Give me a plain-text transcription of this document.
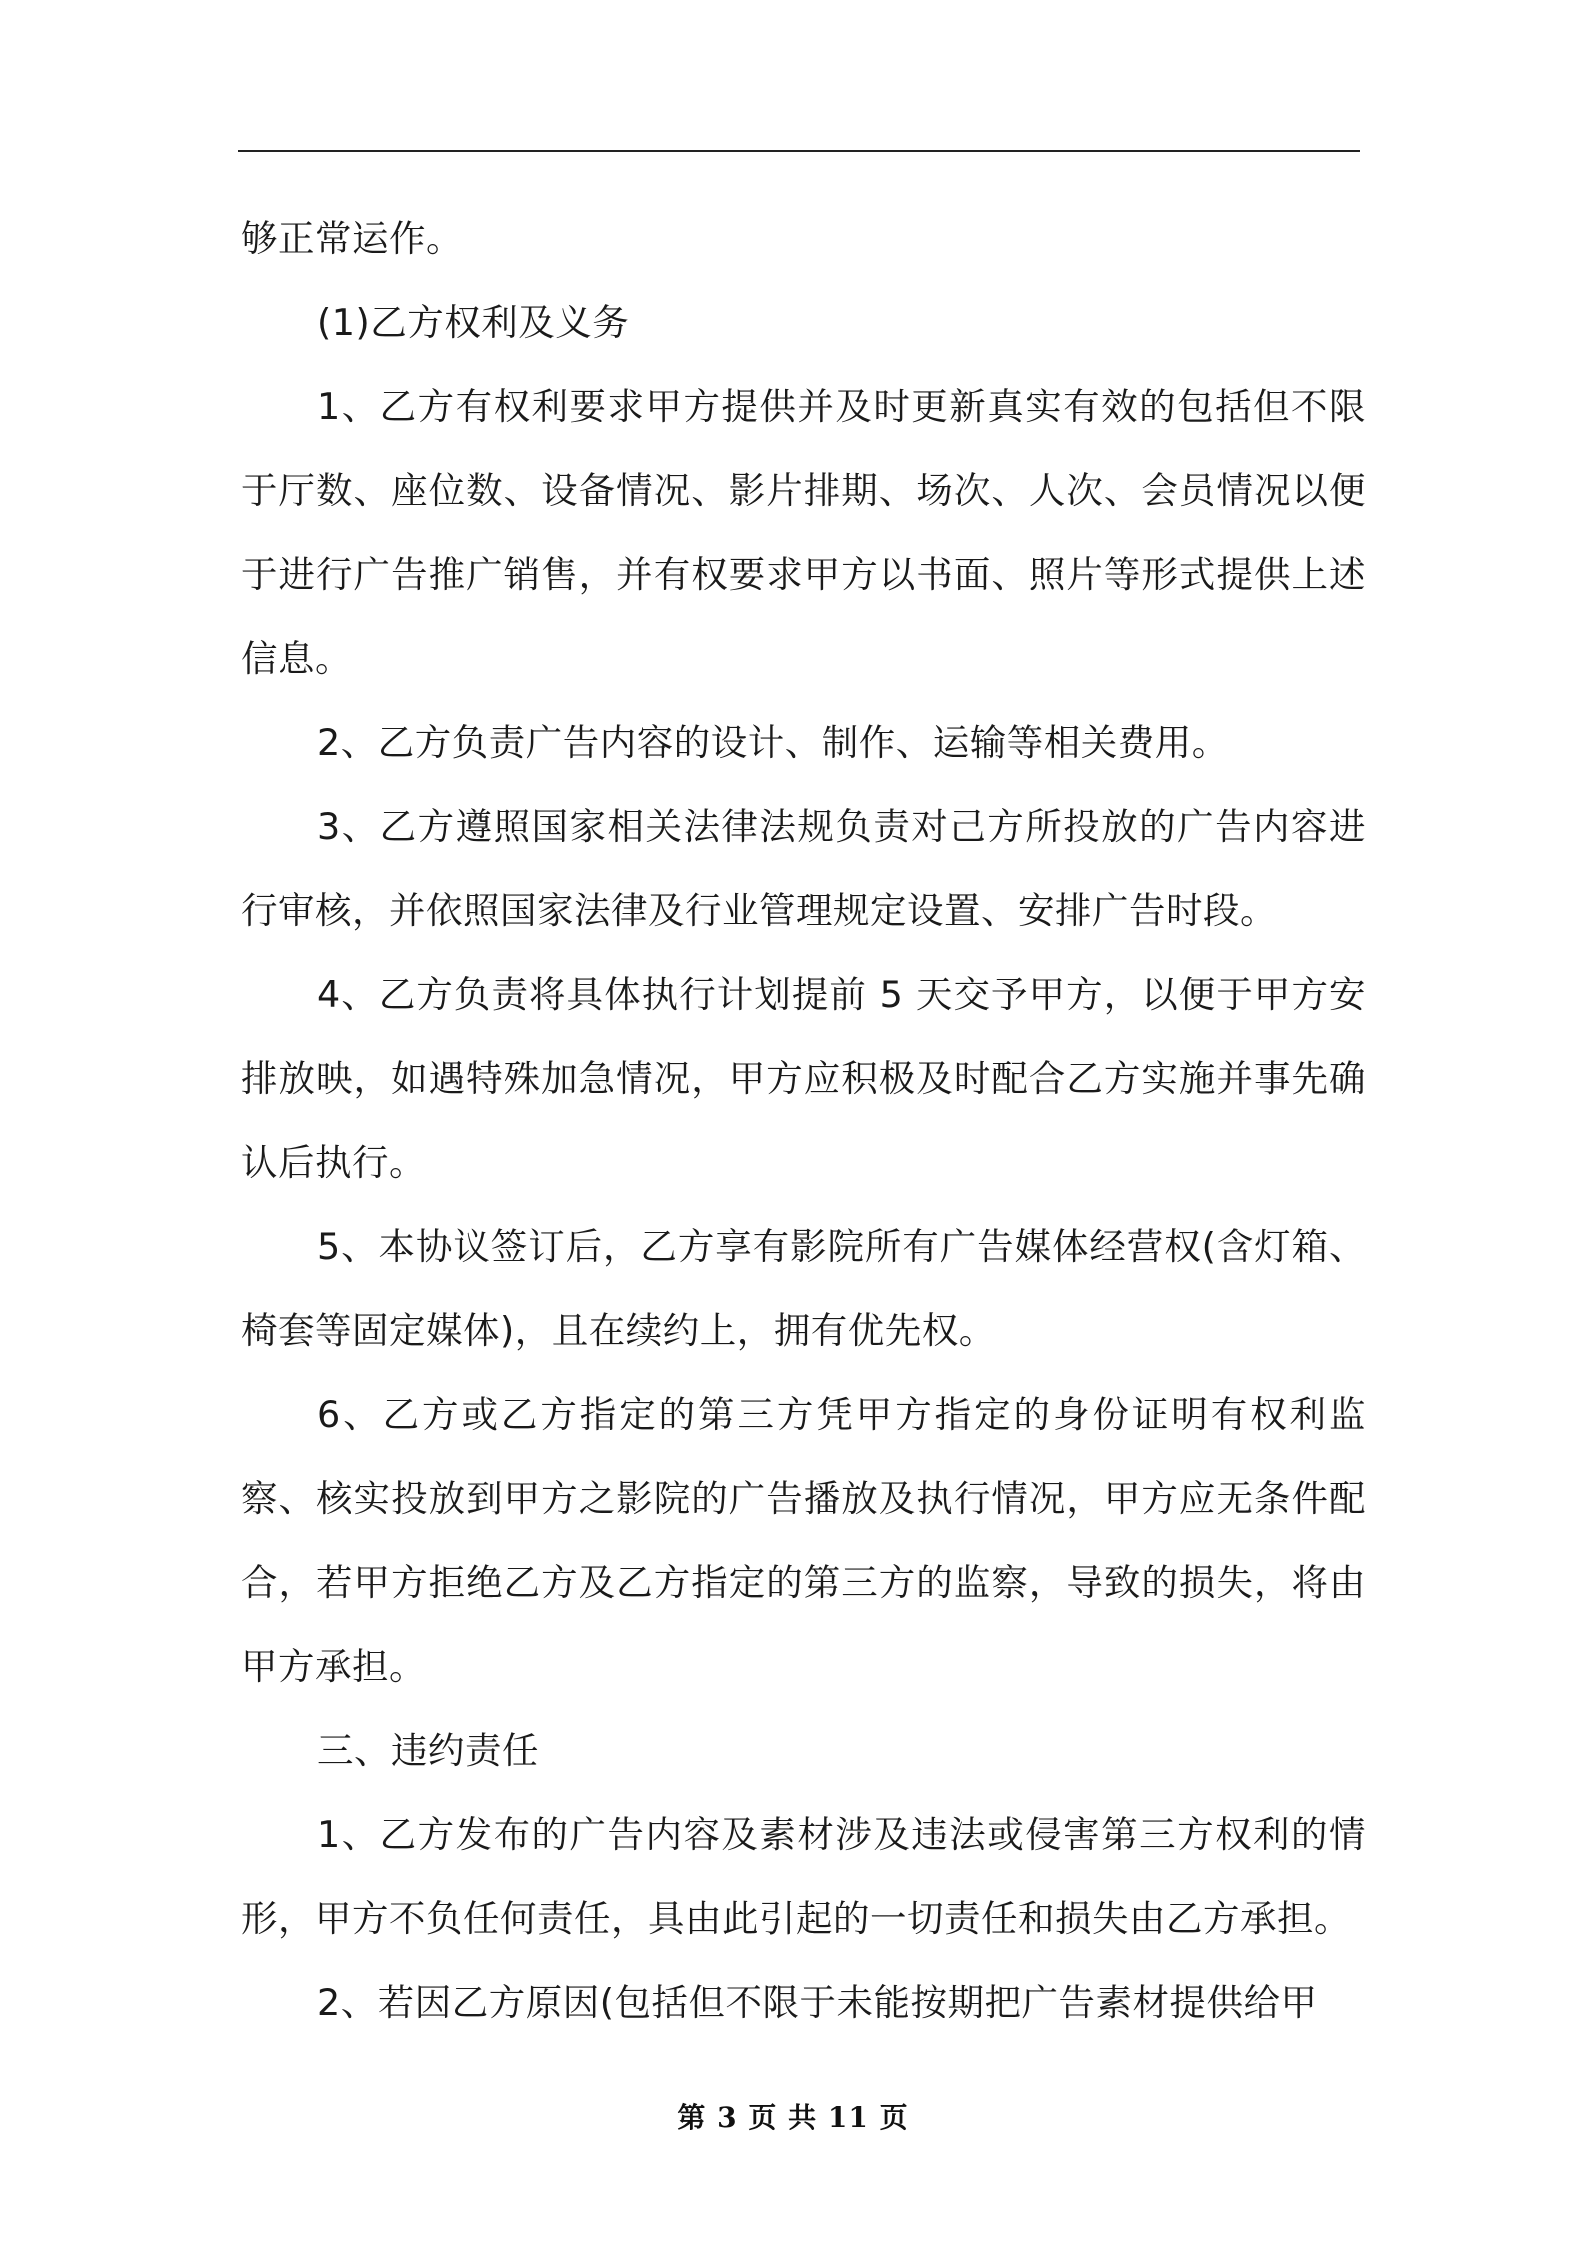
够正常运作。

(1)乙方权利及义务

1、乙方有权利要求甲方提供并及时更新真实有效的包括但不限于厅数、座位数、设备情况、影片排期、场次、人次、会员情况以便于进行广告推广销售，并有权要求甲方以书面、照片等形式提供上述信息。

2、乙方负责广告内容的设计、制作、运输等相关费用。

3、乙方遵照国家相关法律法规负责对己方所投放的广告内容进行审核，并依照国家法律及行业管理规定设置、安排广告时段。

4、乙方负责将具体执行计划提前 5 天交予甲方，以便于甲方安排放映，如遇特殊加急情况，甲方应积极及时配合乙方实施并事先确认后执行。

5、本协议签订后，乙方享有影院所有广告媒体经营权(含灯箱、椅套等固定媒体)，且在续约上，拥有优先权。

6、乙方或乙方指定的第三方凭甲方指定的身份证明有权利监察、核实投放到甲方之影院的广告播放及执行情况，甲方应无条件配合，若甲方拒绝乙方及乙方指定的第三方的监察，导致的损失，将由甲方承担。

三、违约责任

1、乙方发布的广告内容及素材涉及违法或侵害第三方权利的情形，甲方不负任何责任，具由此引起的一切责任和损失由乙方承担。

2、若因乙方原因(包括但不限于未能按期把广告素材提供给甲

第 3 页 共 11 页
